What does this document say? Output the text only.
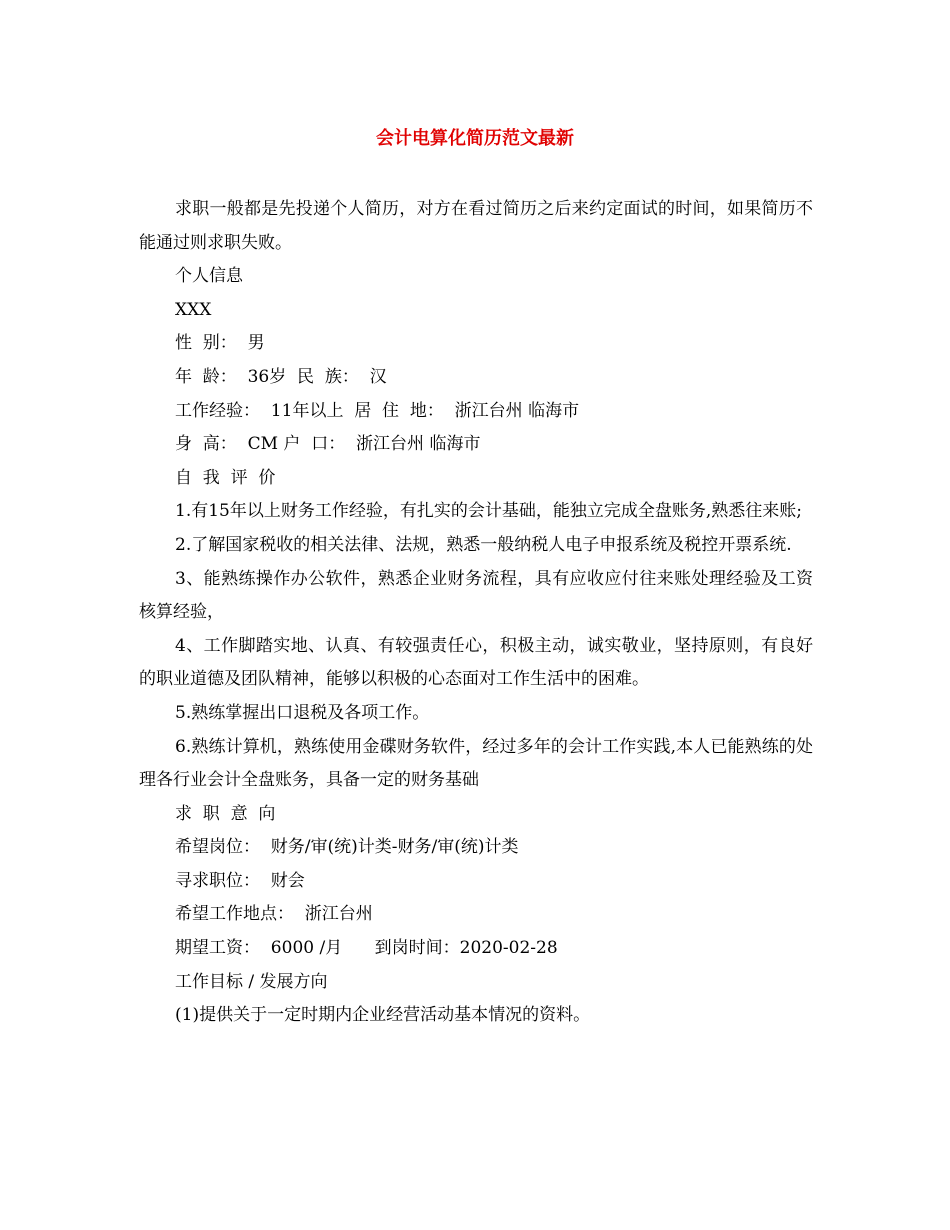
会计电算化简历范文最新

求职一般都是先投递个人简历，对方在看过简历之后来约定面试的时间，如果简历不能通过则求职失败。

个人信息

XXX

性  别：  男

年  龄：  36岁  民  族：  汉

工作经验：  11年以上  居  住  地：  浙江台州 临海市

身  高：  CM 户  口：  浙江台州 临海市

自  我  评  价

1.有15年以上财务工作经验，有扎实的会计基础，能独立完成全盘账务,熟悉往来账;

2.了解国家税收的相关法律、法规，熟悉一般纳税人电子申报系统及税控开票系统.

3、能熟练操作办公软件，熟悉企业财务流程，具有应收应付往来账处理经验及工资核算经验，

4、工作脚踏实地、认真、有较强责任心，积极主动，诚实敬业，坚持原则，有良好的职业道德及团队精神，能够以积极的心态面对工作生活中的困难。

5.熟练掌握出口退税及各项工作。

6.熟练计算机，熟练使用金碟财务软件，经过多年的会计工作实践,本人已能熟练的处理各行业会计全盘账务，具备一定的财务基础

求  职  意  向

希望岗位：  财务/审(统)计类-财务/审(统)计类

寻求职位：  财会

希望工作地点：  浙江台州

期望工资：  6000 /月      到岗时间：2020-02-28

工作目标 / 发展方向

(1)提供关于一定时期内企业经营活动基本情况的资料。
